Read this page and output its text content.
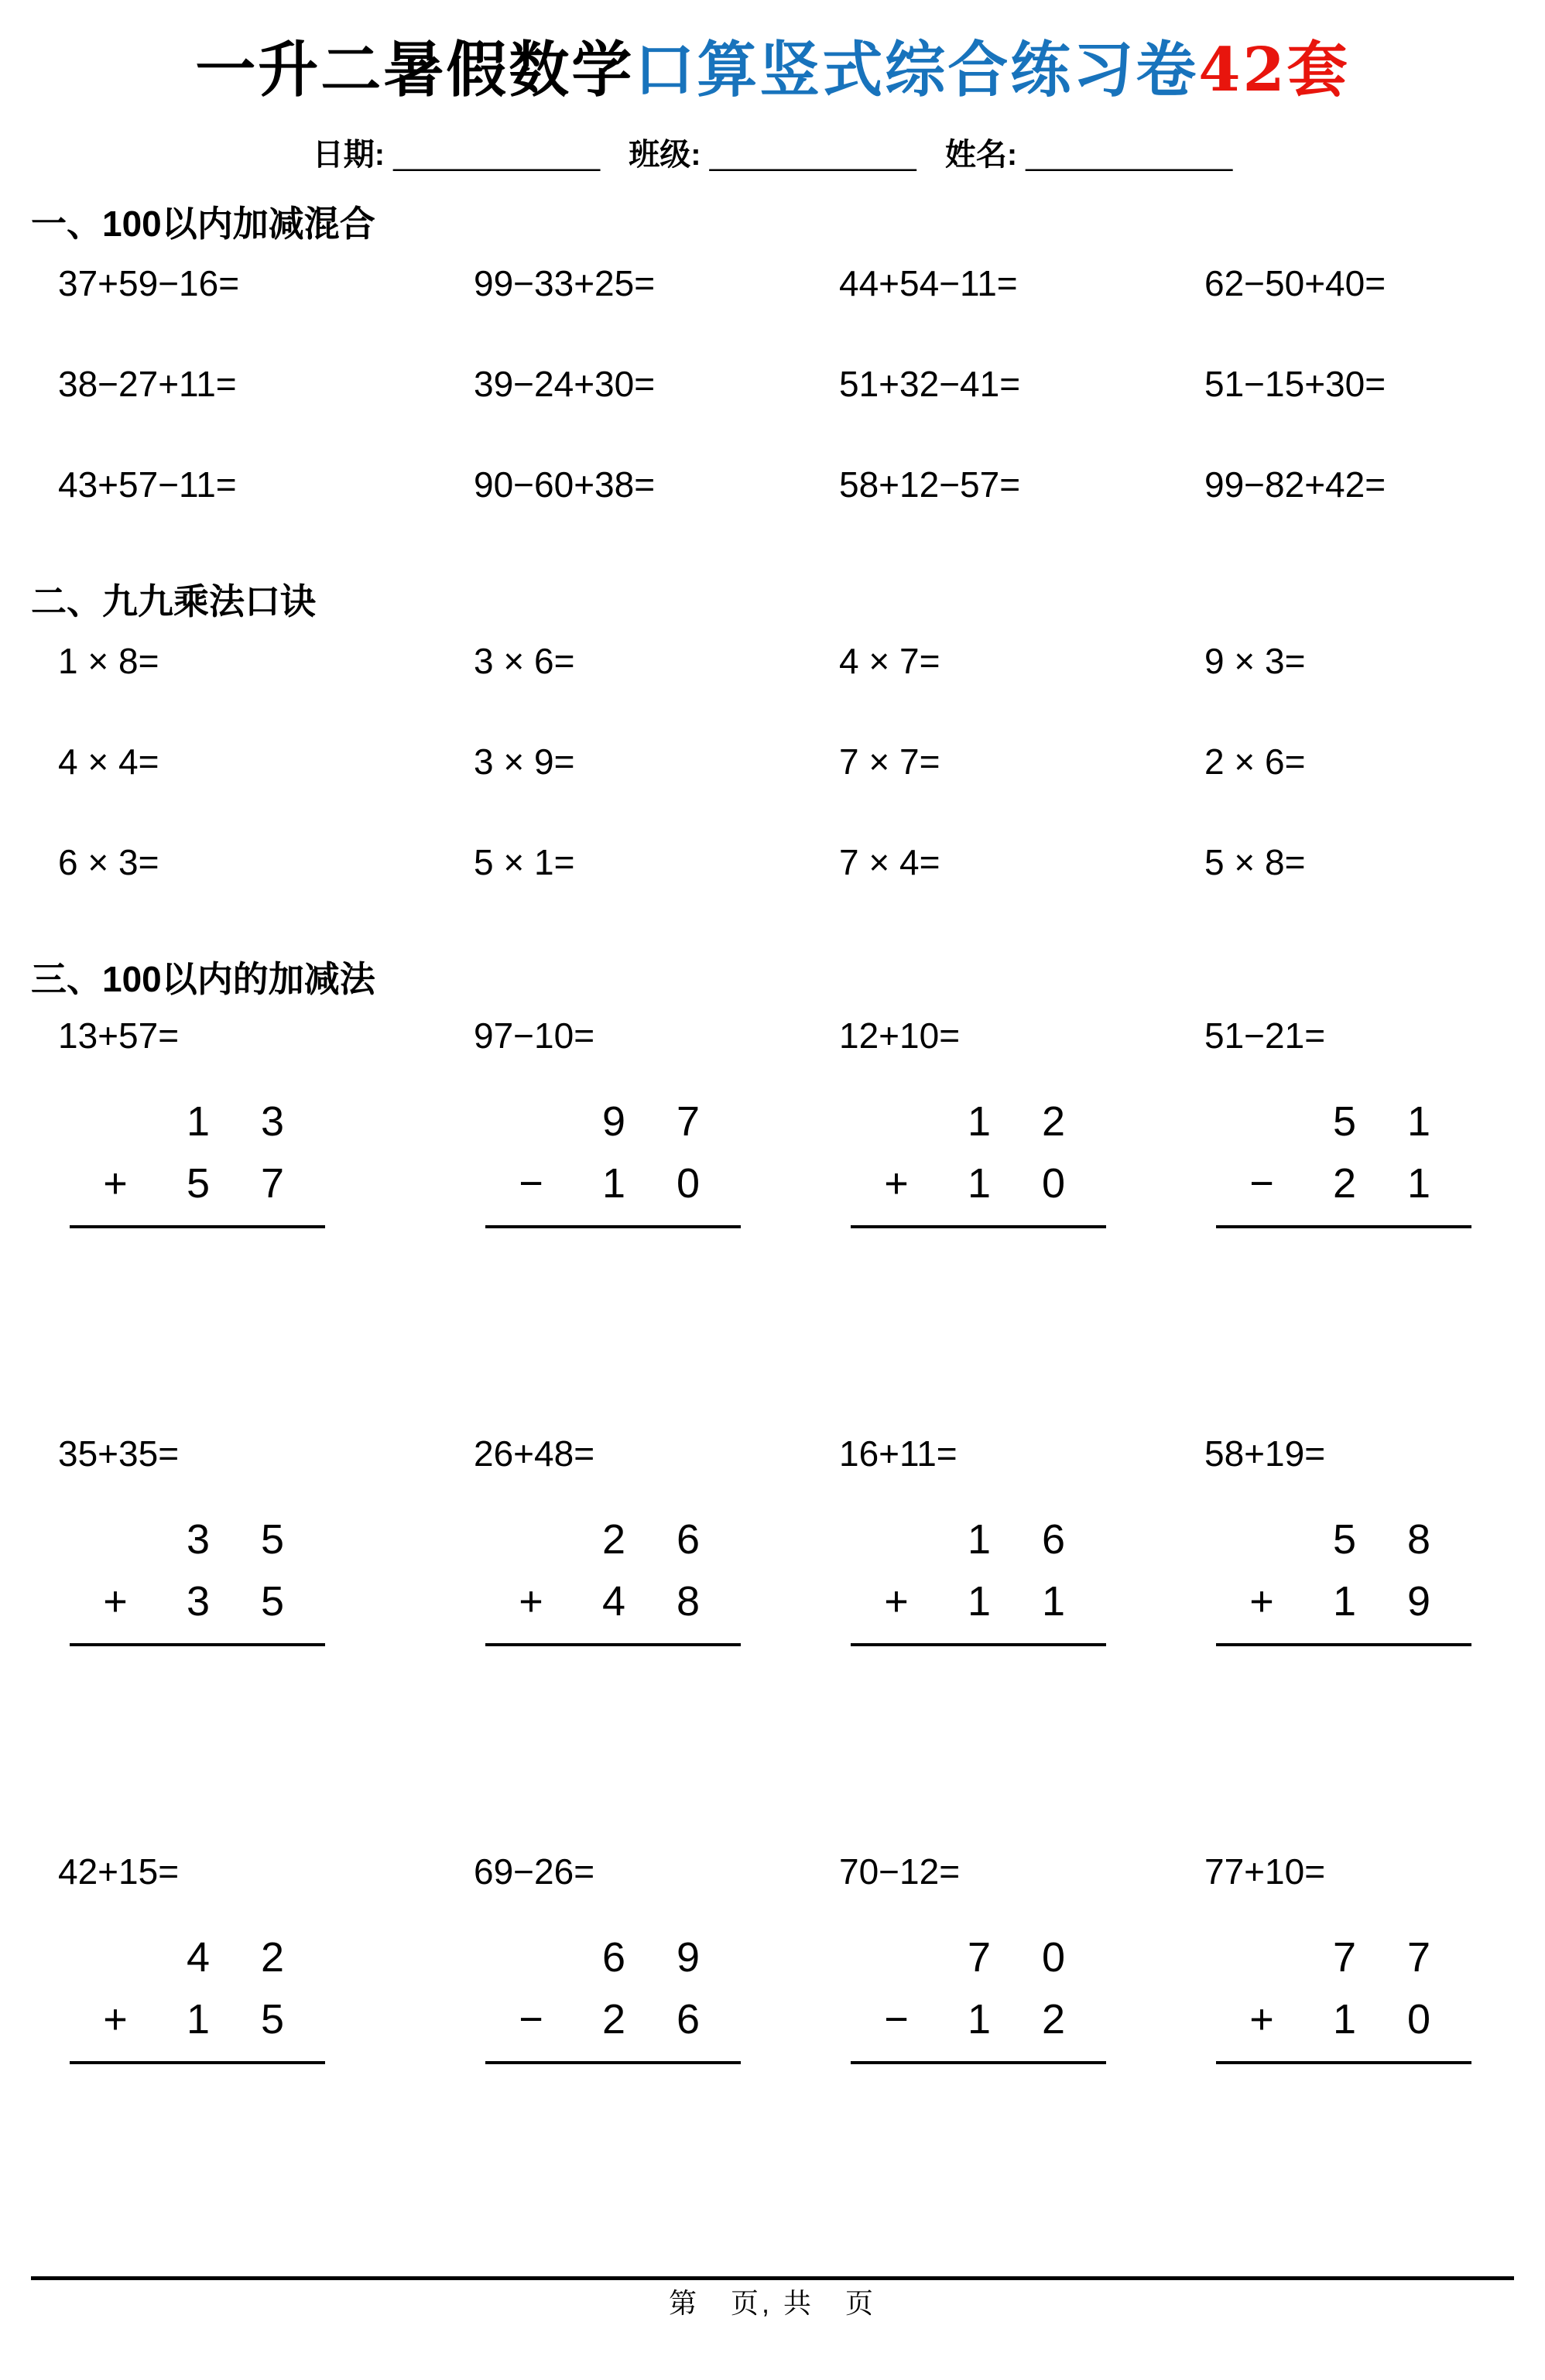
一升二暑假数学口算竖式综合练习卷42套
日期: ____________ 班级: ____________ 姓名: ____________
一、100以内加减混合
37+59−16=	99−33+25=	44+54−11=	62−50+40=
38−27+11=	39−24+30=	51+32−41=	51−15+30=
43+57−11=	90−60+38=	58+12−57=	99−82+42=
二、九九乘法口诀
1 × 8=	3 × 6=	4 × 7=	9 × 3=
4 × 4=	3 × 9=	7 × 7=	2 × 6=
6 × 3=	5 × 1=	7 × 4=	5 × 8=
三、100以内的加减法
13+57=
1	3
+	5	7
97−10=
9	7
−	1	0
12+10=
1	2
+	1	0
51−21=
5	1
−	2	1
35+35=
3	5
+	3	5
26+48=
2	6
+	4	8
16+11=
1	6
+	1	1
58+19=
5	8
+	1	9
42+15=
4	2
+	1	5
69−26=
6	9
−	2	6
70−12=
7	0
−	1	2
77+10=
7	7
+	1	0
第　页, 共　页
